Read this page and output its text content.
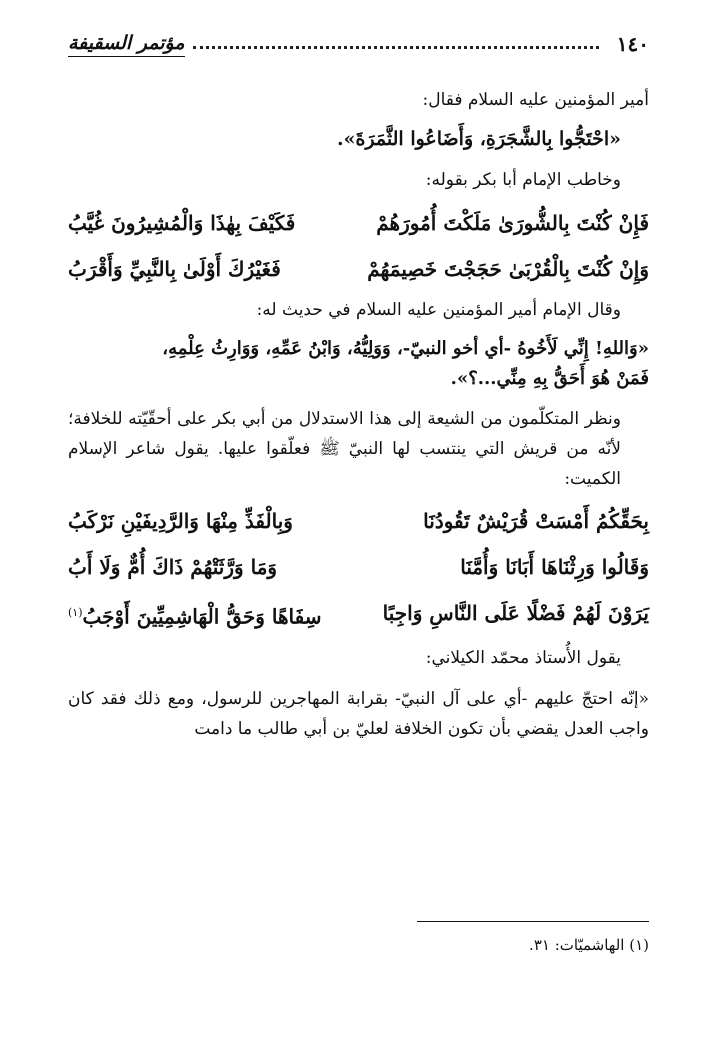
١٤٠
مؤتمر السقيفة

أمير المؤمنين عليه السلام فقال:

«احْتَجُّوا بِالشَّجَرَةِ، وَأَضَاعُوا الثَّمَرَةَ».

وخاطب الإمام أبا بكر بقوله:

فَإِنْ كُنْتَ بِالشُّورَىٰ مَلَكْتَ أُمُورَهُمْ
فَكَيْفَ بِهٰذَا وَالْمُشِيرُونَ غُيَّبُ
وَإِنْ كُنْتَ بِالْقُرْبَىٰ حَجَجْتَ خَصِيمَهُمْ
فَغَيْرُكَ أَوْلَىٰ بِالنَّبِيِّ وَأَقْرَبُ

وقال الإمام أمير المؤمنين عليه السلام في حديث له:

«وَاللهِ! إِنِّي لَأَخُوهُ -أي أخو النبيّ-، وَوَلِيُّهُ، وَابْنُ عَمِّهِ، وَوَارِثُ عِلْمِهِ،

فَمَنْ هُوَ أَحَقُّ بِهِ مِنِّي...؟».

ونظر المتكلّمون من الشيعة إلى هذا الاستدلال من أبي بكر على أحقّيّته للخلافة؛ لأنّه من قريش التي ينتسب لها النبيّ ﷺ فعلّقوا عليها. يقول شاعر الإسلام الكميت:

بِحَقِّكُمُ أَمْسَتْ قُرَيْشٌ تَقُودُنَا
وَبِالْفَذِّ مِنْهَا وَالرَّدِيفَيْنِ نَرْكَبُ
وَقَالُوا وَرِثْنَاهَا أَبَانَا وَأُمَّنَا
وَمَا وَرَّثَتْهُمْ ذَاكَ أُمٌّ وَلَا أَبُ
يَرَوْنَ لَهُمْ فَضْلًا عَلَى النَّاسِ وَاجِبًا
سِفَاهًا وَحَقُّ الْهَاشِمِيِّينَ أَوْجَبُ$^{(١)}$

يقول الأُستاذ محمّد الكيلاني:

«إنّه احتجّ عليهم -أي على آل النبيّ- بقرابة المهاجرين للرسول، ومع ذلك فقد كان واجب العدل يقضي بأن تكون الخلافة لعليّ بن أبي طالب ما دامت

(١) الهاشميّات: ٣١.
